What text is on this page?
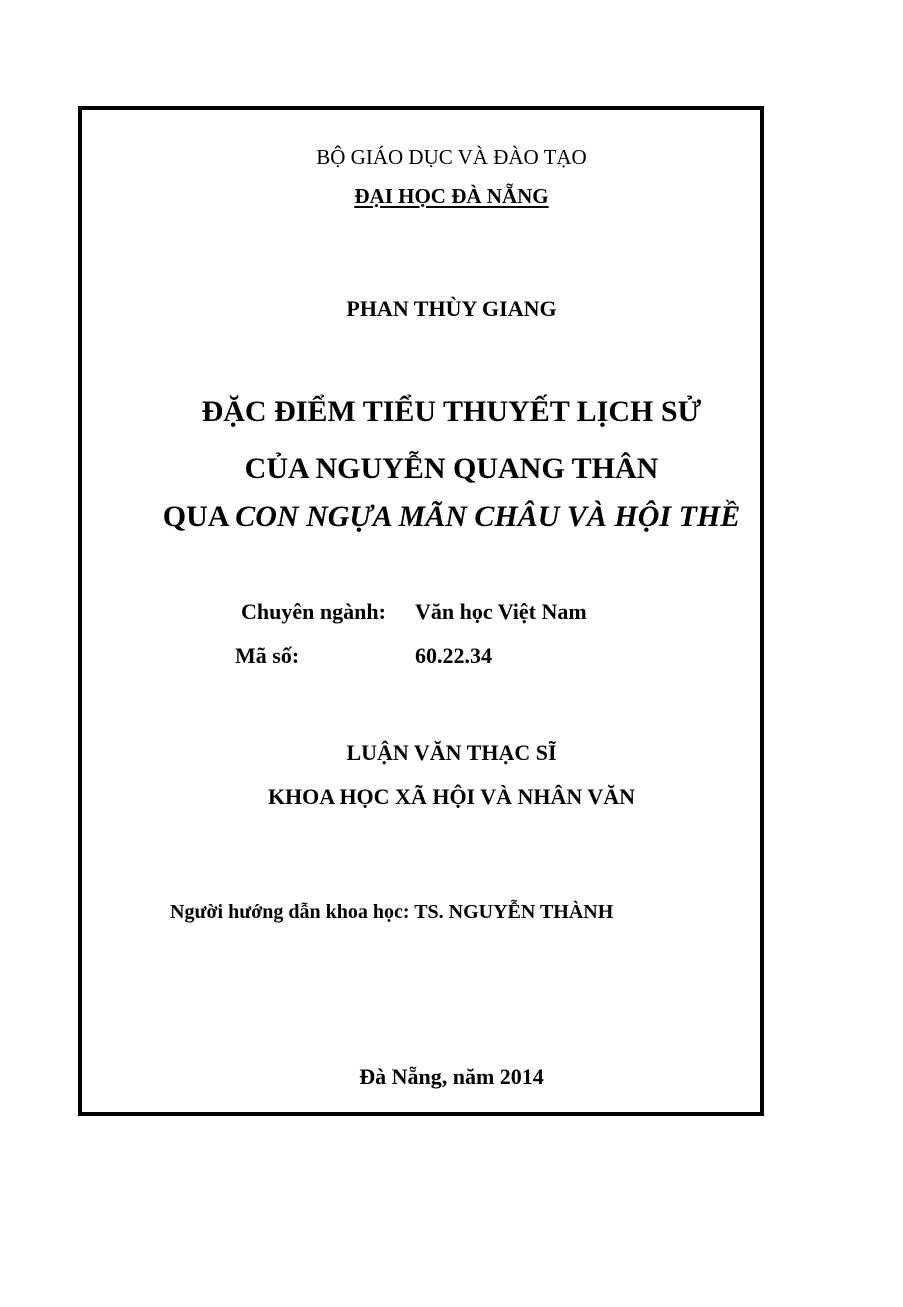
BỘ GIÁO DỤC VÀ ĐÀO TẠO
ĐẠI HỌC ĐÀ NẴNG
PHAN THÙY GIANG
ĐẶC ĐIỂM TIỂU THUYẾT LỊCH SỬ
CỦA NGUYỄN QUANG THÂN
QUA CON NGỰA MÃN CHÂU VÀ HỘI THỀ
Chuyên ngành: Văn học Việt Nam
Mã số:	60.22.34
LUẬN VĂN THẠC SĨ
KHOA HỌC XÃ HỘI VÀ NHÂN VĂN
Người hướng dẫn khoa học: TS. NGUYỄN THÀNH
Đà Nẵng, năm 2014
